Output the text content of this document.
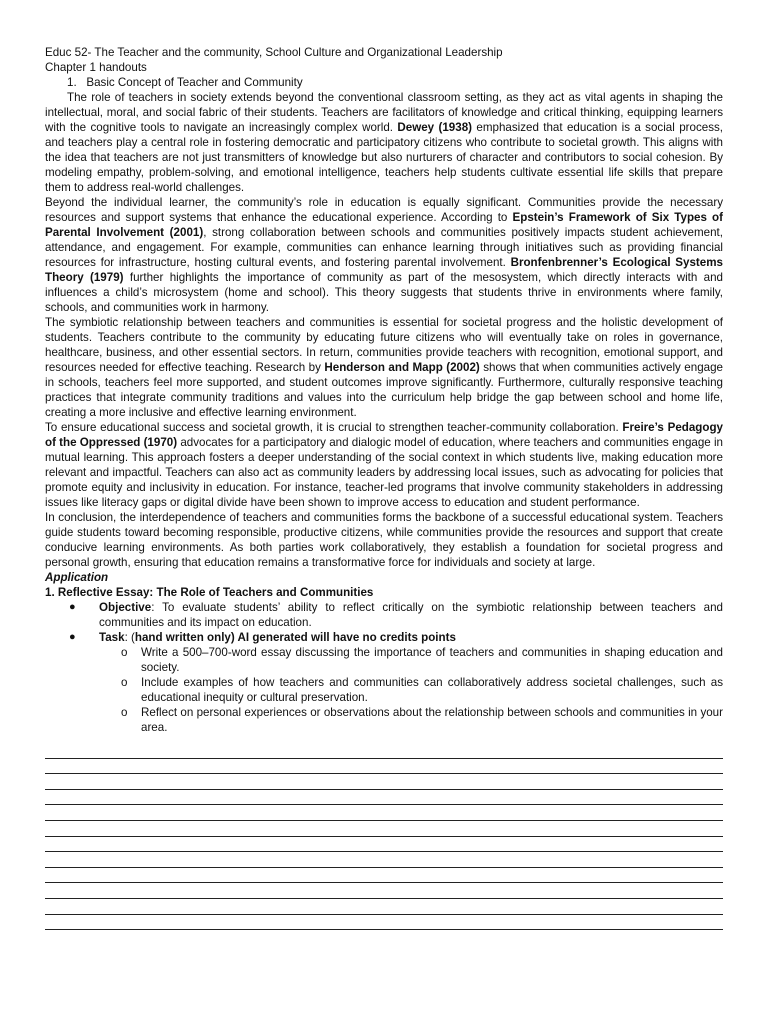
Educ 52- The Teacher and the community, School Culture and Organizational Leadership

Chapter 1 handouts

1. Basic Concept of Teacher and Community

The role of teachers in society extends beyond the conventional classroom setting, as they act as vital agents in shaping the intellectual, moral, and social fabric of their students. Teachers are facilitators of knowledge and critical thinking, equipping learners with the cognitive tools to navigate an increasingly complex world. Dewey (1938) emphasized that education is a social process, and teachers play a central role in fostering democratic and participatory citizens who contribute to societal growth. This aligns with the idea that teachers are not just transmitters of knowledge but also nurturers of character and contributors to social cohesion. By modeling empathy, problem-solving, and emotional intelligence, teachers help students cultivate essential life skills that prepare them to address real-world challenges.

Beyond the individual learner, the community’s role in education is equally significant. Communities provide the necessary resources and support systems that enhance the educational experience. According to Epstein’s Framework of Six Types of Parental Involvement (2001), strong collaboration between schools and communities positively impacts student achievement, attendance, and engagement. For example, communities can enhance learning through initiatives such as providing financial resources for infrastructure, hosting cultural events, and fostering parental involvement. Bronfenbrenner’s Ecological Systems Theory (1979) further highlights the importance of community as part of the mesosystem, which directly interacts with and influences a child’s microsystem (home and school). This theory suggests that students thrive in environments where family, schools, and communities work in harmony.

The symbiotic relationship between teachers and communities is essential for societal progress and the holistic development of students. Teachers contribute to the community by educating future citizens who will eventually take on roles in governance, healthcare, business, and other essential sectors. In return, communities provide teachers with recognition, emotional support, and resources needed for effective teaching. Research by Henderson and Mapp (2002) shows that when communities actively engage in schools, teachers feel more supported, and student outcomes improve significantly. Furthermore, culturally responsive teaching practices that integrate community traditions and values into the curriculum help bridge the gap between school and home life, creating a more inclusive and effective learning environment.

To ensure educational success and societal growth, it is crucial to strengthen teacher-community collaboration. Freire’s Pedagogy of the Oppressed (1970) advocates for a participatory and dialogic model of education, where teachers and communities engage in mutual learning. This approach fosters a deeper understanding of the social context in which students live, making education more relevant and impactful. Teachers can also act as community leaders by addressing local issues, such as advocating for policies that promote equity and inclusivity in education. For instance, teacher-led programs that involve community stakeholders in addressing issues like literacy gaps or digital divide have been shown to improve access to education and student performance.

In conclusion, the interdependence of teachers and communities forms the backbone of a successful educational system. Teachers guide students toward becoming responsible, productive citizens, while communities provide the resources and support that create conducive learning environments. As both parties work collaboratively, they establish a foundation for societal progress and personal growth, ensuring that education remains a transformative force for individuals and society at large.

Application

1. Reflective Essay: The Role of Teachers and Communities

● Objective: To evaluate students’ ability to reflect critically on the symbiotic relationship between teachers and communities and its impact on education.
● Task: (hand written only) AI generated will have no credits points
o Write a 500–700-word essay discussing the importance of teachers and communities in shaping education and society.
o Include examples of how teachers and communities can collaboratively address societal challenges, such as educational inequity or cultural preservation.
o Reflect on personal experiences or observations about the relationship between schools and communities in your area.
